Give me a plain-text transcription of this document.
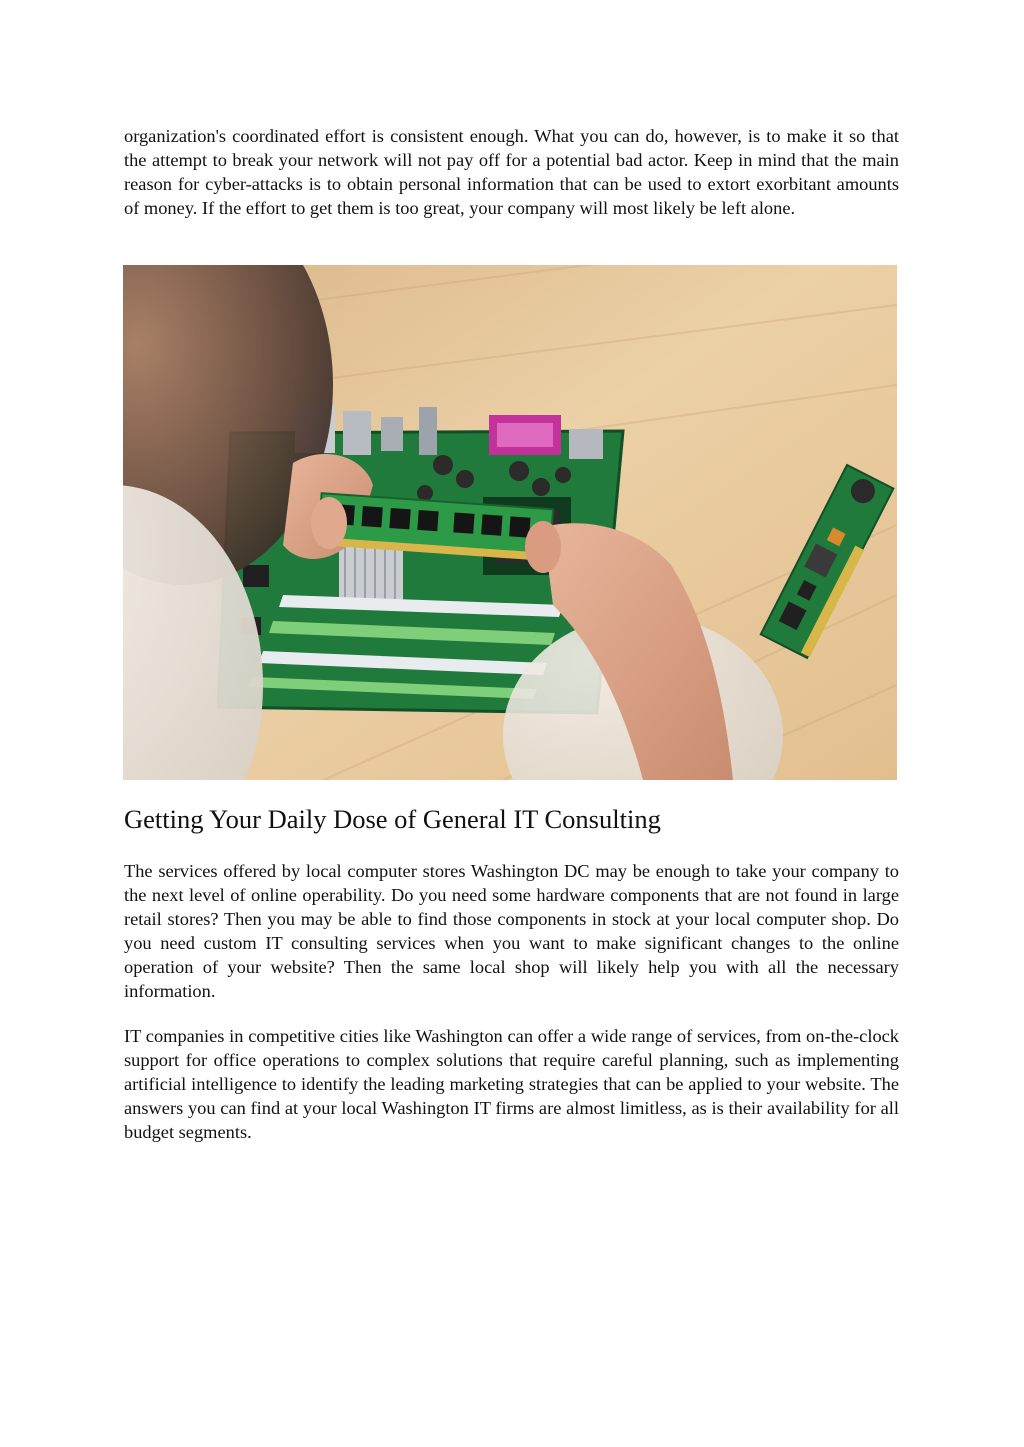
organization's coordinated effort is consistent enough. What you can do, however, is to make it so that the attempt to break your network will not pay off for a potential bad actor. Keep in mind that the main reason for cyber-attacks is to obtain personal information that can be used to extort exorbitant amounts of money. If the effort to get them is too great, your company will most likely be left alone.

Getting Your Daily Dose of General IT Consulting

The services offered by local computer stores Washington DC may be enough to take your company to the next level of online operability. Do you need some hardware components that are not found in large retail stores? Then you may be able to find those components in stock at your local computer shop. Do you need custom IT consulting services when you want to make significant changes to the online operation of your website? Then the same local shop will likely help you with all the necessary information.

IT companies in competitive cities like Washington can offer a wide range of services, from on-the-clock support for office operations to complex solutions that require careful planning, such as implementing artificial intelligence to identify the leading marketing strategies that can be applied to your website. The answers you can find at your local Washington IT firms are almost limitless, as is their availability for all budget segments.
